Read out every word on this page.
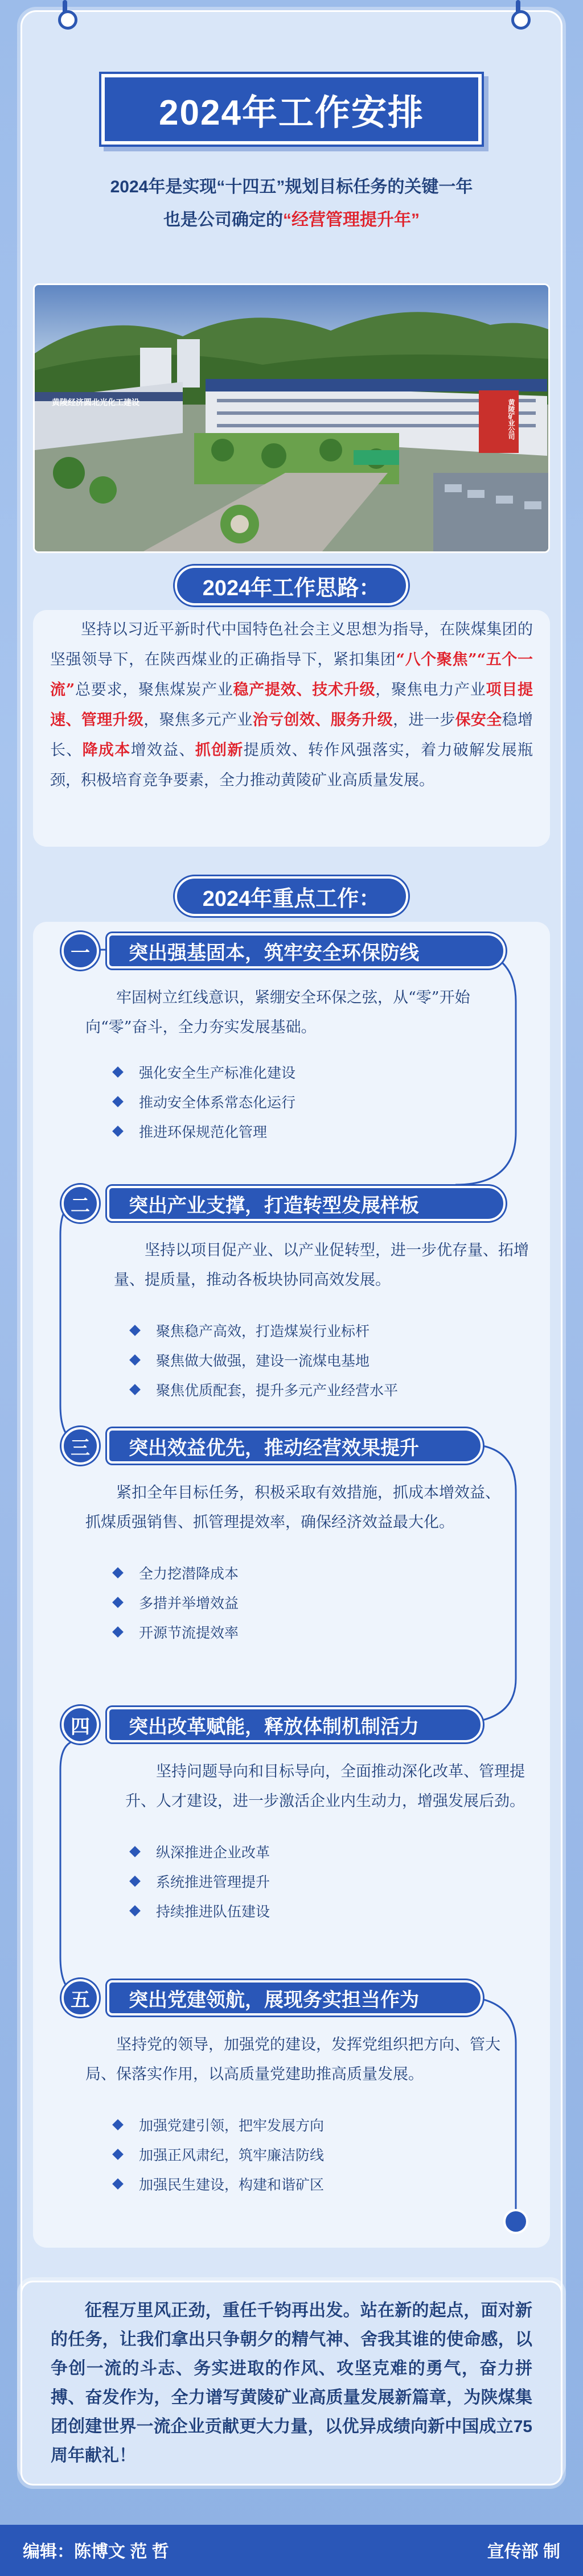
2024年工作安排
2024年是实现“十四五”规划目标任务的关键一年
也是公司确定的“经营管理提升年”
黄陵经济圆北光化工建设	黄陵矿业公司
2024年工作思路：

坚持以习近平新时代中国特色社会主义思想为指导，在陕煤集团的坚强领导下，在陕西煤业的正确指导下，紧扣集团“八个聚焦”“五个一流”总要求，聚焦煤炭产业稳产提效、技术升级，聚焦电力产业项目提速、管理升级，聚焦多元产业治亏创效、服务升级，进一步保安全稳增长、降成本增效益、抓创新提质效、转作风强落实，着力破解发展瓶颈，积极培育竞争要素，全力推动黄陵矿业高质量发展。

2024年重点工作：
一	突出强基固本，筑牢安全环保防线

牢固树立红线意识，紧绷安全环保之弦，从“零”开始向“零”奋斗，全力夯实发展基础。

强化安全生产标准化建设
推动安全体系常态化运行
推进环保规范化管理
二	突出产业支撑，打造转型发展样板

坚持以项目促产业、以产业促转型，进一步优存量、拓增量、提质量，推动各板块协同高效发展。

聚焦稳产高效，打造煤炭行业标杆
聚焦做大做强，建设一流煤电基地
聚焦优质配套，提升多元产业经营水平
三	突出效益优先，推动经营效果提升

紧扣全年目标任务，积极采取有效措施，抓成本增效益、抓煤质强销售、抓管理提效率，确保经济效益最大化。

全力挖潜降成本
多措并举增效益
开源节流提效率
四	突出改革赋能，释放体制机制活力

坚持问题导向和目标导向，全面推动深化改革、管理提升、人才建设，进一步激活企业内生动力，增强发展后劲。

纵深推进企业改革
系统推进管理提升
持续推进队伍建设
五	突出党建领航，展现务实担当作为

坚持党的领导，加强党的建设，发挥党组织把方向、管大局、保落实作用，以高质量党建助推高质量发展。

加强党建引领，把牢发展方向
加强正风肃纪，筑牢廉洁防线
加强民生建设，构建和谐矿区
征程万里风正劲，重任千钧再出发。站在新的起点，面对新的任务，让我们拿出只争朝夕的精气神、舍我其谁的使命感，以争创一流的斗志、务实进取的作风、攻坚克难的勇气，奋力拼搏、奋发作为，全力谱写黄陵矿业高质量发展新篇章，为陕煤集团创建世界一流企业贡献更大力量，以优异成绩向新中国成立75周年献礼！
编辑：陈博文 范 哲	宣传部 制
